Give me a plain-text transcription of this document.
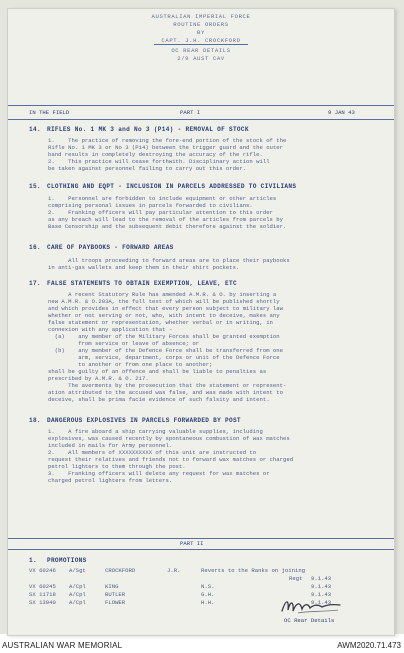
AUSTRALIAN IMPERIAL FORCE
ROUTINE ORDERS
BY
CAPT. J.H. CROCKFORD
OC REAR DETAILS
2/9 AUST CAV
IN THE FIELD	PART I	9 JAN 43
14. RIFLES No. 1 MK 3 and No 3 (P14) - REMOVAL OF STOCK
1.    The practice of removing the fore-end portion of the stock of the
Rifle No. 1 MK 3 or No 3 (P14) between the trigger guard and the outer
band results in completely destroying the accuracy of the rifle.
2.    This practice will cease forthwith. Disciplinary action will
be taken against personnel failing to carry out this order.
15. CLOTHING AND EQPT - INCLUSION IN PARCELS ADDRESSED TO CIVILIANS
1.    Personnel are forbidden to include equipment or other articles
comprising personal issues in parcels forwarded to civilians.
2.    Franking officers will pay particular attention to this order
as any breach will lead to the removal of the articles from parcels by
Base Censorship and the subsequent debit therefore against the soldier.
16. CARE OF PAYBOOKS - FORWARD AREAS
All troops proceeding to forward areas are to place their paybooks
in anti-gas wallets and keep them in their shirt pockets.
17. FALSE STATEMENTS TO OBTAIN EXEMPTION, LEAVE, ETC
A recent Statutory Rule has amended A.M.R. & O. by inserting a
new A.M.R. & O.203A, the full text of which will be published shortly
and which provides in effect that every person subject to military law
whether or not serving or not, who, with intent to deceive, makes any
false statement or representation, whether verbal or in writing, in
connexion with any application that -
(a)    any member of the Military Forces shall be granted exemption
from service or leave of absence; or
(b)    any member of the Defence Force shall be transferred from one
arm, service, department, corps or unit of the Defence Force
to another or from one place to another;
shall be guilty of an offence and shall be liable to penalties as
prescribed by A.M.R. & O. 217.
The averments by the prosecution that the statement or represent-
ation attributed to the accused was false, and was made with intent to
deceive, shall be prima facie evidence of such falsity and intent.
18. DANGEROUS EXPLOSIVES IN PARCELS FORWARDED BY POST
1.    A fire aboard a ship carrying valuable supplies, including
explosives, was caused recently by spontaneous combustion of wax matches
included in mails for Army personnel.
2.    All members of XXXXXXXXXX of this unit are instructed to
request their relatives and friends not to forward wax matches or charged
petrol lighters to them through the post.
3.    Franking officers will delete any request for wax matches or
charged petrol lighters from letters.
PART II
1. PROMOTIONS
VX 60246 A/Sgt	CROCKFORD	J.R.	Reverts to the Ranks on joining
Regt 9.1.43
VX 60245 A/Cpl	KING	N.S.	9.1.43
SX 11718 A/Cpl	BUTLER	G.H.	9.1.43
SX 13940 A/Cpl	FLOWER	H.H.	9.1.43
OC Rear Details
AUSTRALIAN WAR MEMORIAL	AWM2020.71.473
